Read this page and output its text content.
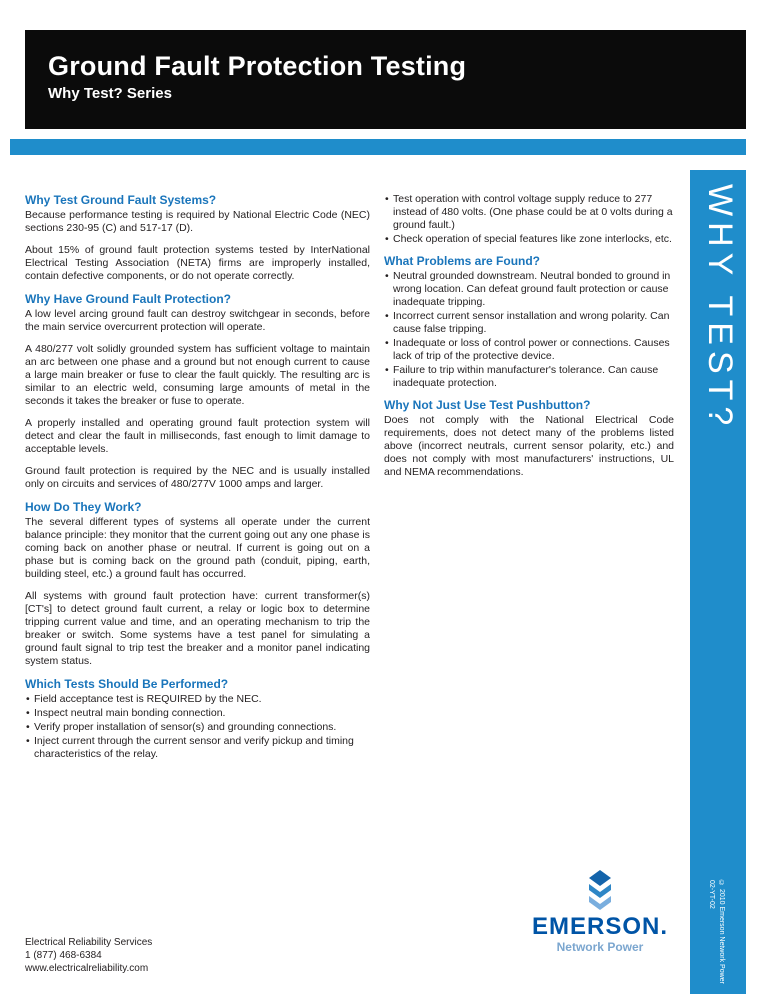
Ground Fault Protection Testing
Why Test? Series
WHY TEST?
© 2010 Emerson Network Power
02-YT-02
Why Test Ground Fault Systems?

Because performance testing is required by National Electric Code (NEC) sections 230-95 (C) and 517-17 (D).

About 15% of ground fault protection systems tested by InterNational Electrical Testing Association (NETA) firms are improperly installed, contain defective components, or do not operate correctly.

Why Have Ground Fault Protection?

A low level arcing ground fault can destroy switchgear in seconds, before the main service overcurrent protection will operate.

A 480/277 volt solidly grounded system has sufficient voltage to maintain an arc between one phase and a ground but not enough current to cause a large main breaker or fuse to clear the fault quickly. The resulting arc is similar to an electric weld, consuming large amounts of metal in the seconds it takes the breaker or fuse to operate.

A properly installed and operating ground fault protection system will detect and clear the fault in milliseconds, fast enough to limit damage to acceptable levels.

Ground fault protection is required by the NEC and is usually installed only on circuits and services of 480/277V 1000 amps and larger.

How Do They Work?

The several different types of systems all operate under the current balance principle: they monitor that the current going out any one phase is coming back on another phase or neutral. If current is going out on a phase but is coming back on the ground path (conduit, piping, earth, building steel, etc.) a ground fault has occurred.

All systems with ground fault protection have: current transformer(s) [CT's] to detect ground fault current, a relay or logic box to determine tripping current value and time, and an operating mechanism to trip the breaker or switch. Some systems have a test panel for simulating a ground fault signal to trip test the breaker and a monitor panel indicating system status.

Which Tests Should Be Performed?
• Field acceptance test is REQUIRED by the NEC.
• Inspect neutral main bonding connection.
• Verify proper installation of sensor(s) and grounding connections.
• Inject current through the current sensor and verify pickup and timing characteristics of the relay.
• Test operation with control voltage supply reduce to 277 instead of 480 volts. (One phase could be at 0 volts during a ground fault.)
• Check operation of special features like zone interlocks, etc.
What Problems are Found?
• Neutral grounded downstream. Neutral bonded to ground in wrong location. Can defeat ground fault protection or cause inadequate tripping.
• Incorrect current sensor installation and wrong polarity. Can cause false tripping.
• Inadequate or loss of control power or connections. Causes lack of trip of the protective device.
• Failure to trip within manufacturer's tolerance. Can cause inadequate protection.
Why Not Just Use Test Pushbutton?

Does not comply with the National Electrical Code requirements, does not detect many of the problems listed above (incorrect neutrals, current sensor polarity, etc.) and does not comply with most manufacturers' instructions, UL and NEMA recommendations.

Electrical Reliability Services
1 (877) 468-6384
www.electricalreliability.com
EMERSON.
Network Power
